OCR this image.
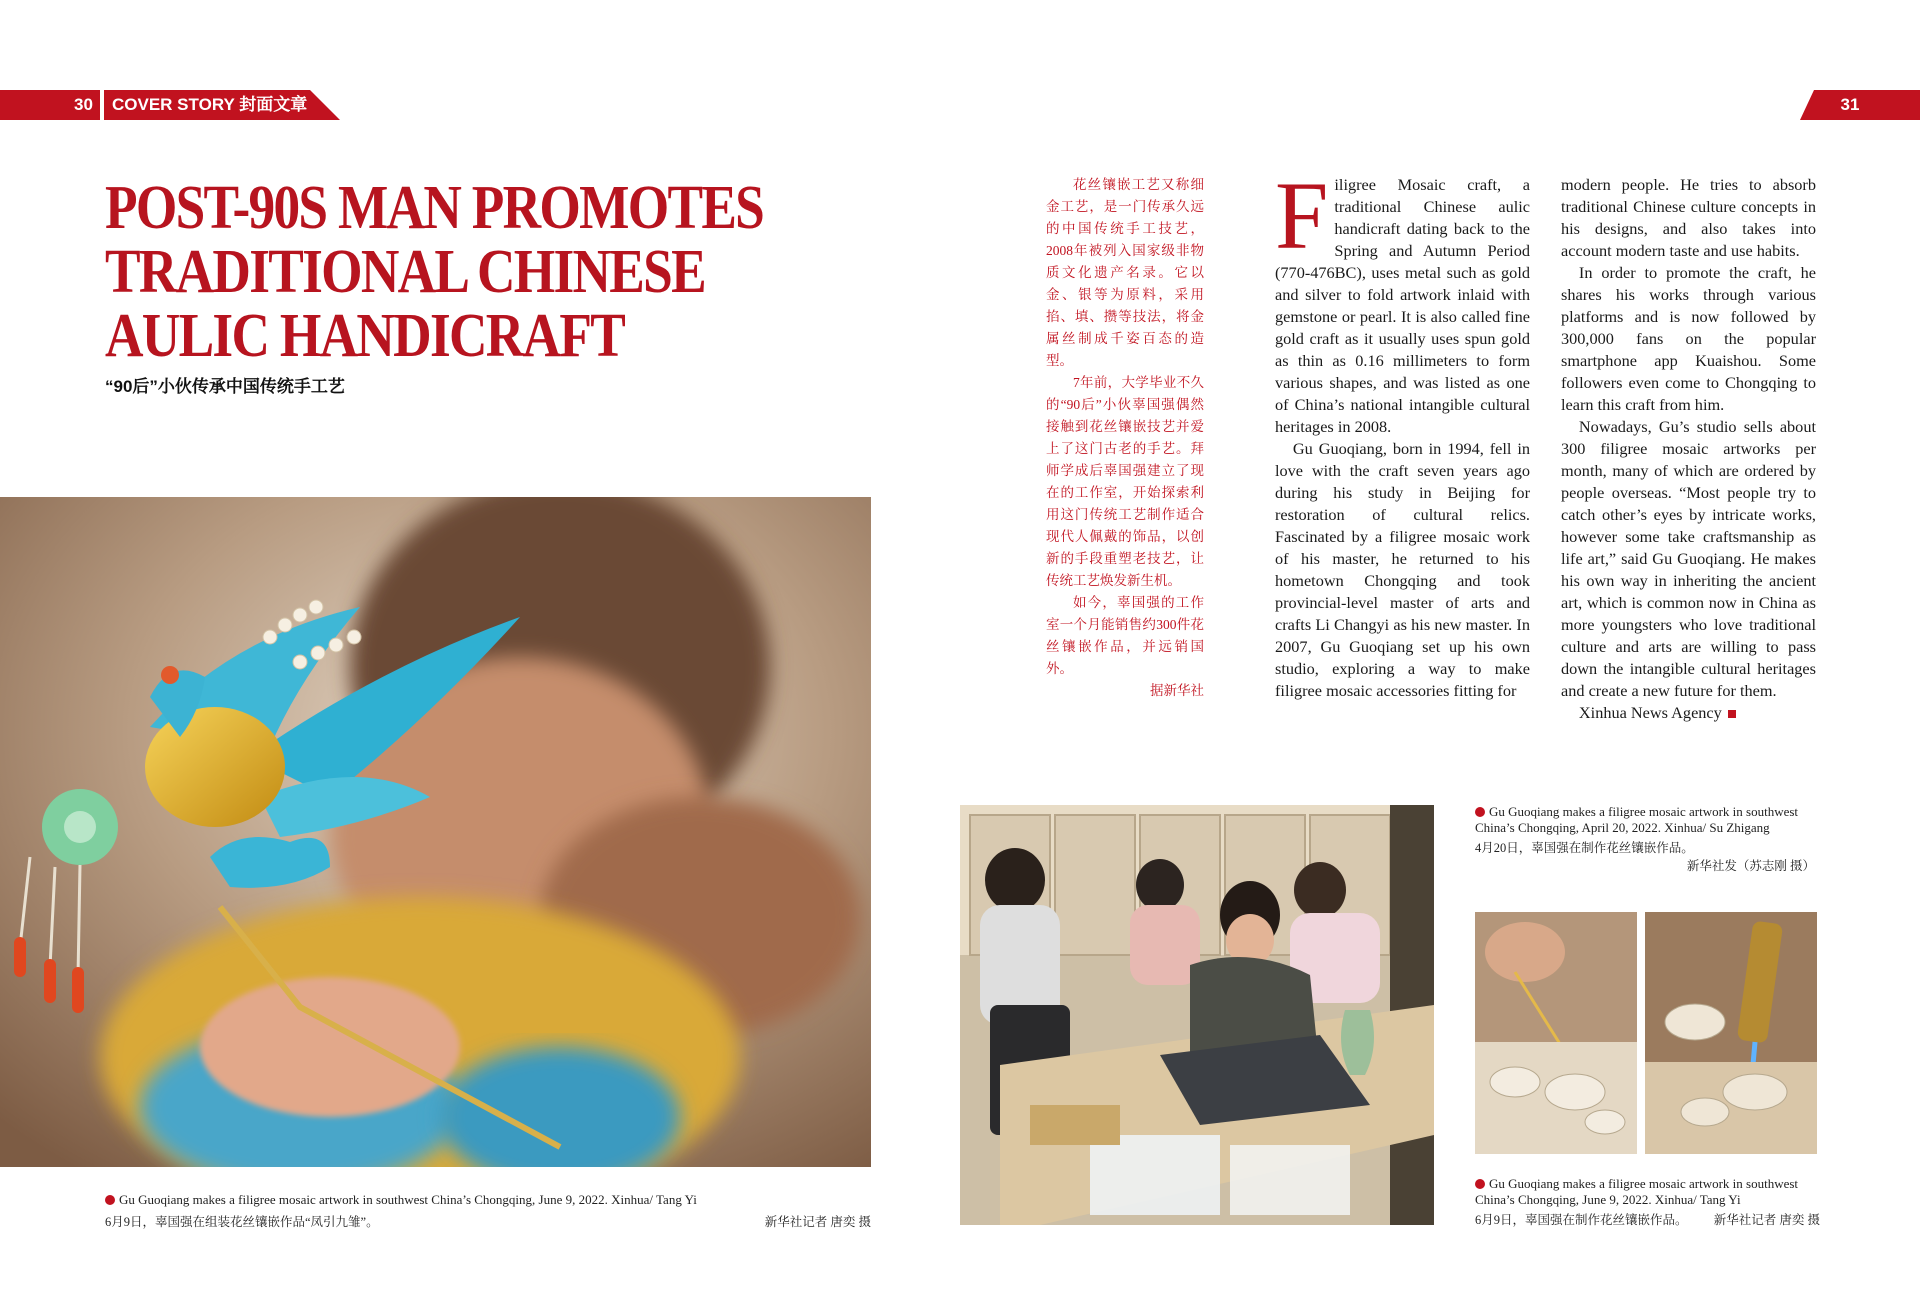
30 COVER STORY 封面文章	31
POST-90S MAN PROMOTES
TRADITIONAL CHINESE
AULIC HANDICRAFT
“90后”小伙传承中国传统手工艺

花丝镶嵌工艺又称细金工艺，是一门传承久远的中国传统手工技艺，2008年被列入国家级非物质文化遗产名录。它以金、银等为原料，采用掐、填、攒等技法，将金属丝制成千姿百态的造型。

7年前，大学毕业不久的“90后”小伙辜国强偶然接触到花丝镶嵌技艺并爱上了这门古老的手艺。拜师学成后辜国强建立了现在的工作室，开始探索利用这门传统工艺制作适合现代人佩戴的饰品，以创新的手段重塑老技艺，让传统工艺焕发新生机。

如今，辜国强的工作室一个月能销售约300件花丝镶嵌作品，并远销国外。

据新华社

Filigree Mosaic craft, a traditional Chinese aulic handicraft dating back to the Spring and Autumn Period (770-476BC), uses metal such as gold and silver to fold artwork inlaid with gemstone or pearl. It is also called fine gold craft as it usually uses spun gold as thin as 0.16 millimeters to form various shapes, and was listed as one of China’s national intangible cultural heritages in 2008.

Gu Guoqiang, born in 1994, fell in love with the craft seven years ago during his study in Beijing for restoration of cultural relics. Fascinated by a filigree mosaic work of his master, he returned to his hometown Chongqing and took provincial-level master of arts and crafts Li Changyi as his new master. In 2007, Gu Guoqiang set up his own studio, exploring a way to make filigree mosaic accessories fitting for

modern people. He tries to absorb traditional Chinese culture concepts in his designs, and also takes into account modern taste and use habits.

In order to promote the craft, he shares his works through various platforms and is now followed by 300,000 fans on the popular smartphone app Kuaishou. Some followers even come to Chongqing to learn this craft from him.

Nowadays, Gu’s studio sells about 300 filigree mosaic artworks per month, many of which are ordered by people overseas. “Most people try to catch other’s eyes by intricate works, however some take craftsmanship as life art,” said Gu Guoqiang. He makes his own way in inheriting the ancient art, which is common now in China as more youngsters who love traditional culture and arts are willing to pass down the intangible cultural heritages and create a new future for them.

Xinhua News Agency

Gu Guoqiang makes a filigree mosaic artwork in southwest China’s Chongqing, June 9, 2022. Xinhua/ Tang Yi
6月9日，辜国强在组装花丝镶嵌作品“凤引九雏”。	新华社记者 唐奕 摄
Gu Guoqiang makes a filigree mosaic artwork in southwest China’s Chongqing, April 20, 2022. Xinhua/ Su Zhigang
4月20日，辜国强在制作花丝镶嵌作品。
新华社发（苏志刚 摄）
Gu Guoqiang makes a filigree mosaic artwork in southwest China’s Chongqing, June 9, 2022. Xinhua/ Tang Yi
6月9日，辜国强在制作花丝镶嵌作品。 新华社记者 唐奕 摄
